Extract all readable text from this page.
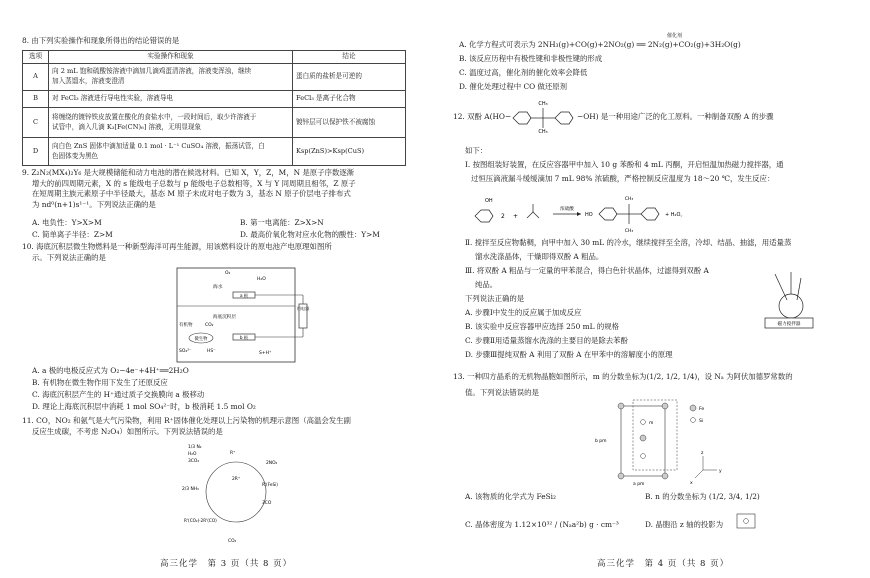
8. 由下列实验操作和现象所得出的结论错误的是
选项	实验操作和现象	结论
A	向 2 mL 饱和硫酸铵溶液中滴加几滴鸡蛋清溶液，溶液变浑浊，继续
加入蒸馏水，溶液变澄清	蛋白质的盐析是可逆的
B	对 FeCl₃ 溶液进行导电性实验，溶液导电	FeCl₃ 是离子化合物
C	将缠绕的镀锌铁皮放置在酸化的食盐水中，一段时间后，取少许溶液于
试管中，滴入几滴 K₃[Fe(CN)₆] 溶液，无明显现象	镀锌层可以保护铁不被腐蚀
D	向白色 ZnS 固体中滴加适量 0.1 mol · L⁻¹ CuSO₄ 溶液，振荡试管，白
色固体变为黑色	Ksp(ZnS)>Ksp(CuS)
9. Z₂N₂(MX₄)₂Y₆ 是大规模储能和动力电池的潜在候选材料。已知 X，Y，Z，M，N 是原子序数逐渐
增大的前四周期元素，X 的 s 能级电子总数与 p 能级电子总数相等，X 与 Y 同周期且相邻，Z 原子
在短周期主族元素原子中半径最大，基态 M 原子未成对电子数为 3，基态 N 原子价层电子排布式
为 nd⁰(n+1)s¹⁻¹。下列说法正确的是
A. 电负性：Y>X>M	B. 第一电离能：Z>X>N
C. 简单离子半径：Z>M	D. 最高价氧化物对应水化物的酸性：Y>M
10. 海底沉积层微生物燃料是一种新型海洋可再生能源，用该燃料设计的原电池产电原理如图所
示。下列说法正确的是
用电器
O₂
H₂O
海水
a 极
海底沉积层
b 极
有机物	CO₂
微生物
SO₄²⁻	HS⁻	S+H⁺
A. a 极的电极反应式为 O₂−4e⁻+4H⁺══2H₂O
B. 有机物在微生物作用下发生了还原反应
C. 海底沉积层产生的 H⁺通过质子交换膜向 a 极移动
D. 理论上海底沉积层中消耗 1 mol SO₄²⁻时，b 极消耗 1.5 mol O₂
11. CO，NO₂ 和氨气是大气污染物，利用 R⁺固体催化处理以上污染物的机理示意图（高温会发生副
反应生成碳，不考虑 N₂O₄）如图所示。下列说法错误的是
1/3 N₂
H₂O
3CO₂
R⁺
2NO₂
2R⁺
R'(FeSi)
2/3 NH₃
3CO
R'(CO₂)·2R'(CO)
CO₂
高三化学　第 3 页（共 8 页）
A. 化学方程式可表示为 2NH₃(g)+CO(g)+2NO₂(g) ══ 2N₂(g)+CO₂(g)+3H₂O(g)
催化剂
B. 该反应历程中有极性键和非极性键的形成
C. 温度过高，催化剂的催化效率会降低
D. 催化处理过程中 CO 做还原剂
12. 双酚 A(HO−
CH₃
CH₃
−OH) 是一种用途广泛的化工原料。一种制备双酚 A 的步骤
如下：
Ⅰ. 按图组装好装置，在反应容器甲中加入 10 g 苯酚和 4 mL 丙酮，开启恒温加热磁力搅拌器，通
过恒压滴液漏斗缓缓滴加 7 mL 98% 浓硫酸，严格控制反应温度为 18～20 ℃，发生反应：
OH
2 +
浓硫酸
HO
CH₃
CH₃
+ H₂O。
Ⅱ. 搅拌至反应物黏稠，向甲中加入 30 mL 的冷水，继续搅拌至全溶，冷却、结晶、抽滤，用适量蒸
馏水洗涤晶体，干燥即得双酚 A 粗品。
Ⅲ. 将双酚 A 粗品与一定量的甲苯混合，得白色针状晶体，过滤得到双酚 A
纯品。
磁力搅拌器
下列说法正确的是
A. 步骤Ⅰ中发生的反应属于加成反应
B. 该实验中反应容器甲应选择 250 mL 的规格
C. 步骤Ⅱ用适量蒸馏水洗涤的主要目的是除去苯酚
D. 步骤Ⅲ提纯双酚 A 利用了双酚 A 在甲苯中的溶解度小的原理
13. 一种四方晶系的无机物晶胞如图所示，m 的分数坐标为(1/2, 1/2, 1/4)，设 Nₐ 为阿伏加德罗常数的
值。下列说法错误的是
m
b pm
a pm
Fe
Si
z
y
x
A. 该物质的化学式为 FeSi₂	B. n 的分数坐标为 (1/2, 3/4, 1/2)
C. 晶体密度为 1.12×10³² / (Nₐa²b) g · cm⁻³	D. 晶胞沿 z 轴的投影为
高三化学　第 4 页（共 8 页）
